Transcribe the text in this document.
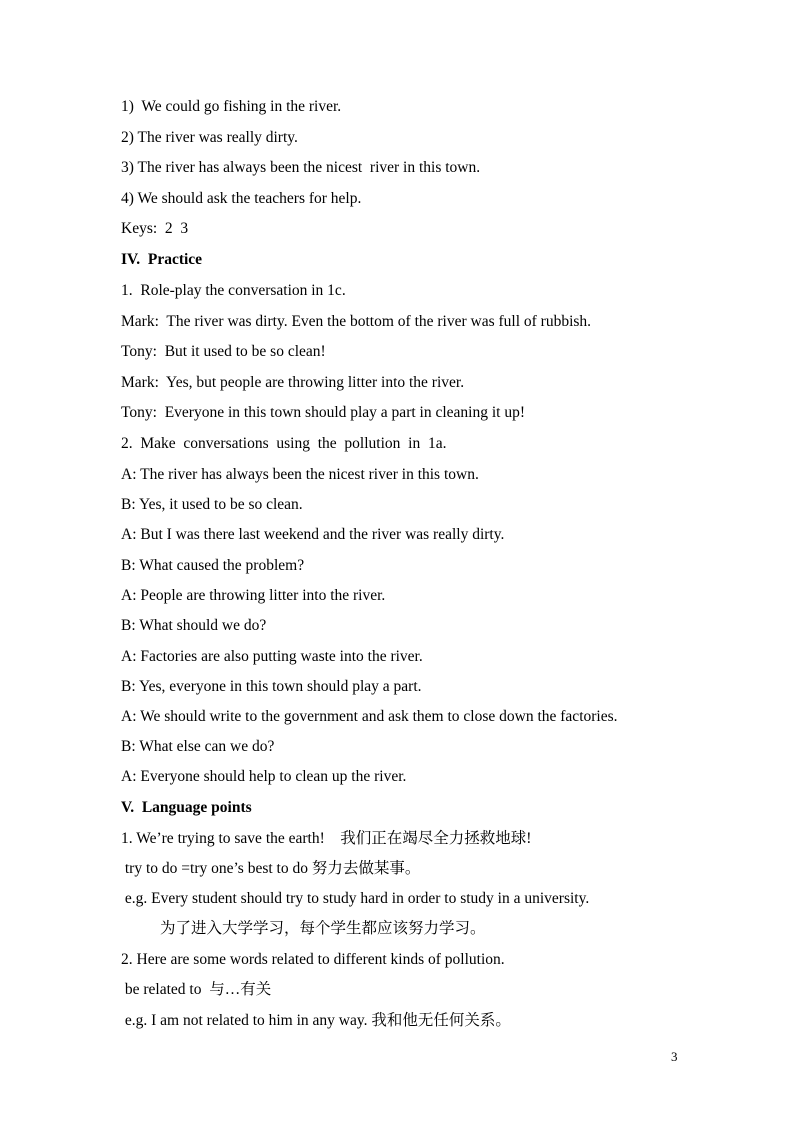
1)  We could go fishing in the river.
2) The river was really dirty.
3) The river has always been the nicest  river in this town.
4) We should ask the teachers for help.
Keys:  2  3
IV.  Practice
1.  Role-play the conversation in 1c.
Mark:  The river was dirty. Even the bottom of the river was full of rubbish.
Tony:  But it used to be so clean!
Mark:  Yes, but people are throwing litter into the river.
Tony:  Everyone in this town should play a part in cleaning it up!
2.  Make  conversations  using  the  pollution  in  1a.
A: The river has always been the nicest river in this town.
B: Yes, it used to be so clean.
A: But I was there last weekend and the river was really dirty.
B: What caused the problem?
A: People are throwing litter into the river.
B: What should we do?
A: Factories are also putting waste into the river.
B: Yes, everyone in this town should play a part.
A: We should write to the government and ask them to close down the factories.
B: What else can we do?
A: Everyone should help to clean up the river.
V.  Language points
1. We’re trying to save the earth!    我们正在竭尽全力拯救地球!
try to do =try one’s best to do 努力去做某事。
e.g. Every student should try to study hard in order to study in a university.
为了进入大学学习，每个学生都应该努力学习。
2. Here are some words related to different kinds of pollution.
be related to  与…有关
e.g. I am not related to him in any way. 我和他无任何关系。
3
